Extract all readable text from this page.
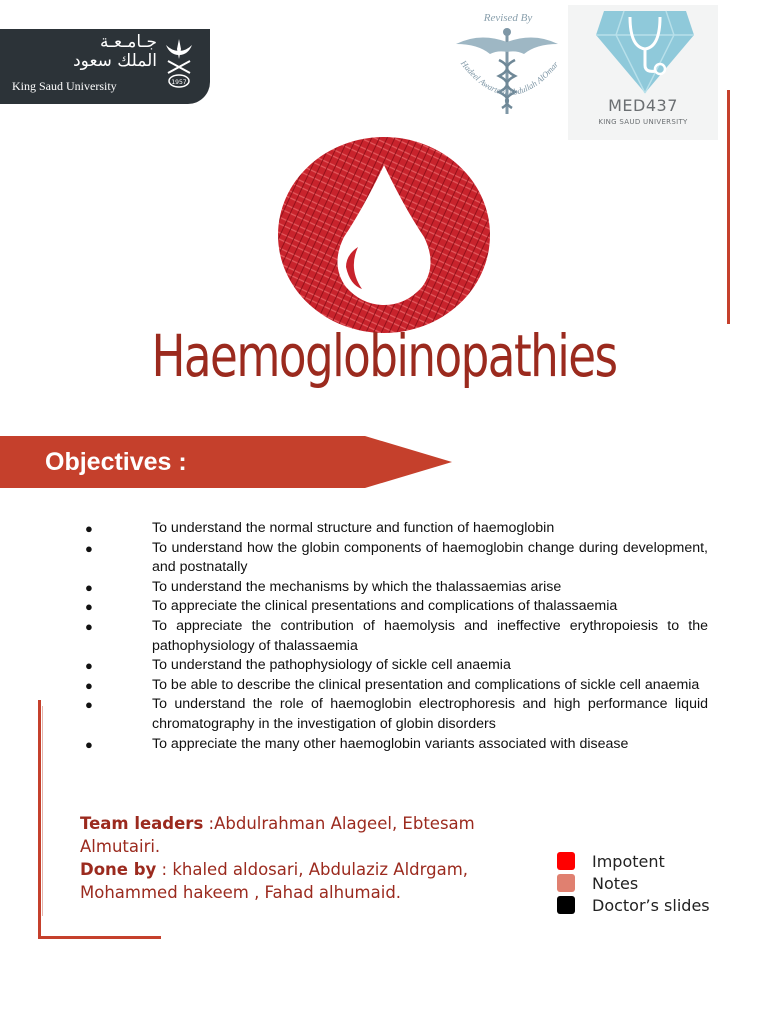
جـامـعـة
الملك سعود
King Saud University	1957
Revised By
Hadeel Awartani Abdullah AlOmar
MED437
KING SAUD UNIVERSITY
Haemoglobinopathies
Objectives :
●	To understand the normal structure and function of haemoglobin
●	To understand how the globin components of haemoglobin change during development, and postnatally
●	To understand the mechanisms by which the thalassaemias arise
●	To appreciate the clinical presentations and complications of thalassaemia
●	To appreciate the contribution of haemolysis and ineffective erythropoiesis to the pathophysiology of thalassaemia
●	To understand the pathophysiology of sickle cell anaemia
●	To be able to describe the clinical presentation and complications of sickle cell anaemia
●	To understand the role of haemoglobin electrophoresis and high performance liquid chromatography in the investigation of globin disorders
●	To appreciate the many other haemoglobin variants associated with disease
Team leaders :Abdulrahman Alageel, Ebtesam Almutairi.
Done by : khaled aldosari, Abdulaziz Aldrgam, Mohammed hakeem , Fahad alhumaid.
Impotent
Notes
Doctor’s slides
